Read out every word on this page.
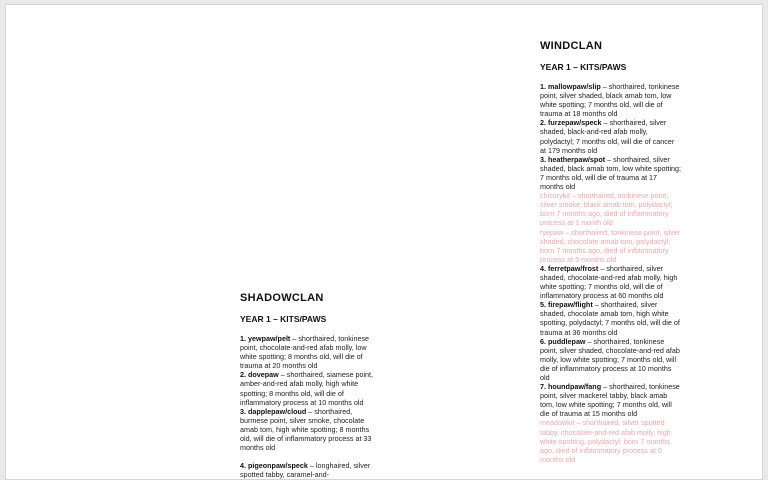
SHADOWCLAN
YEAR 1 – KITS/PAWS

1. yewpaw/pelt – shorthaired, tonkinese point, chocolate-and-red afab molly, low white spotting; 8 months old, will die of trauma at 20 months old

2. dovepaw – shorthaired, siamese point, amber-and-red afab molly, high white spotting; 8 months old, will die of inflammatory process at 10 months old

3. dapplepaw/cloud – shorthaired, burmese point, silver smoke, chocolate amab tom, high white spotting; 8 months old, will die of inflammatory process at 33 months old

4. pigeonpaw/speck – longhaired, silver spotted tabby, caramel-and-

WINDCLAN
YEAR 1 – KITS/PAWS

1. mallowpaw/slip – shorthaired, tonkinese point, silver shaded, black amab tom, low white spotting; 7 months old, will die of trauma at 18 months old

2. furzepaw/speck – shorthaired, silver shaded, black-and-red afab molly, polydactyl; 7 months old, will die of cancer at 179 months old

3. heatherpaw/spot – shorthaired, silver shaded, black amab tom, low white spotting; 7 months old, will die of trauma at 17 months old

chicorykit – shorthaired, tonkinese point, silver smoke, black amab tom, polydactyl; born 7 months ago, died of inflammatory process at 1 month old

ryepaw – shorthaired, tonkinese point, silver shaded, chocolate amab tom, polydactyl; born 7 months ago, died of inflammatory process at 5 months old

4. ferretpaw/frost – shorthaired, silver shaded, chocolate-and-red afab molly, high white spotting; 7 months old, will die of inflammatory process at 60 months old

5. firepaw/flight – shorthaired, silver shaded, chocolate amab tom, high white spotting, polydactyl; 7 months old, will die of trauma at 36 months old

6. puddlepaw – shorthaired, tonkinese point, silver shaded, chocolate-and-red afab molly, low white spotting; 7 months old, will die of inflammatory process at 10 months old

7. houndpaw/fang – shorthaired, tonkinese point, silver mackerel tabby, black amab tom, low white spotting; 7 months old, will die of trauma at 15 months old

meadowkit – shorthaired, silver spotted tabby, chocolate-and-red afab molly, high white spotting, polydactyl; born 7 months ago, died of inflammatory process at 0 months old
